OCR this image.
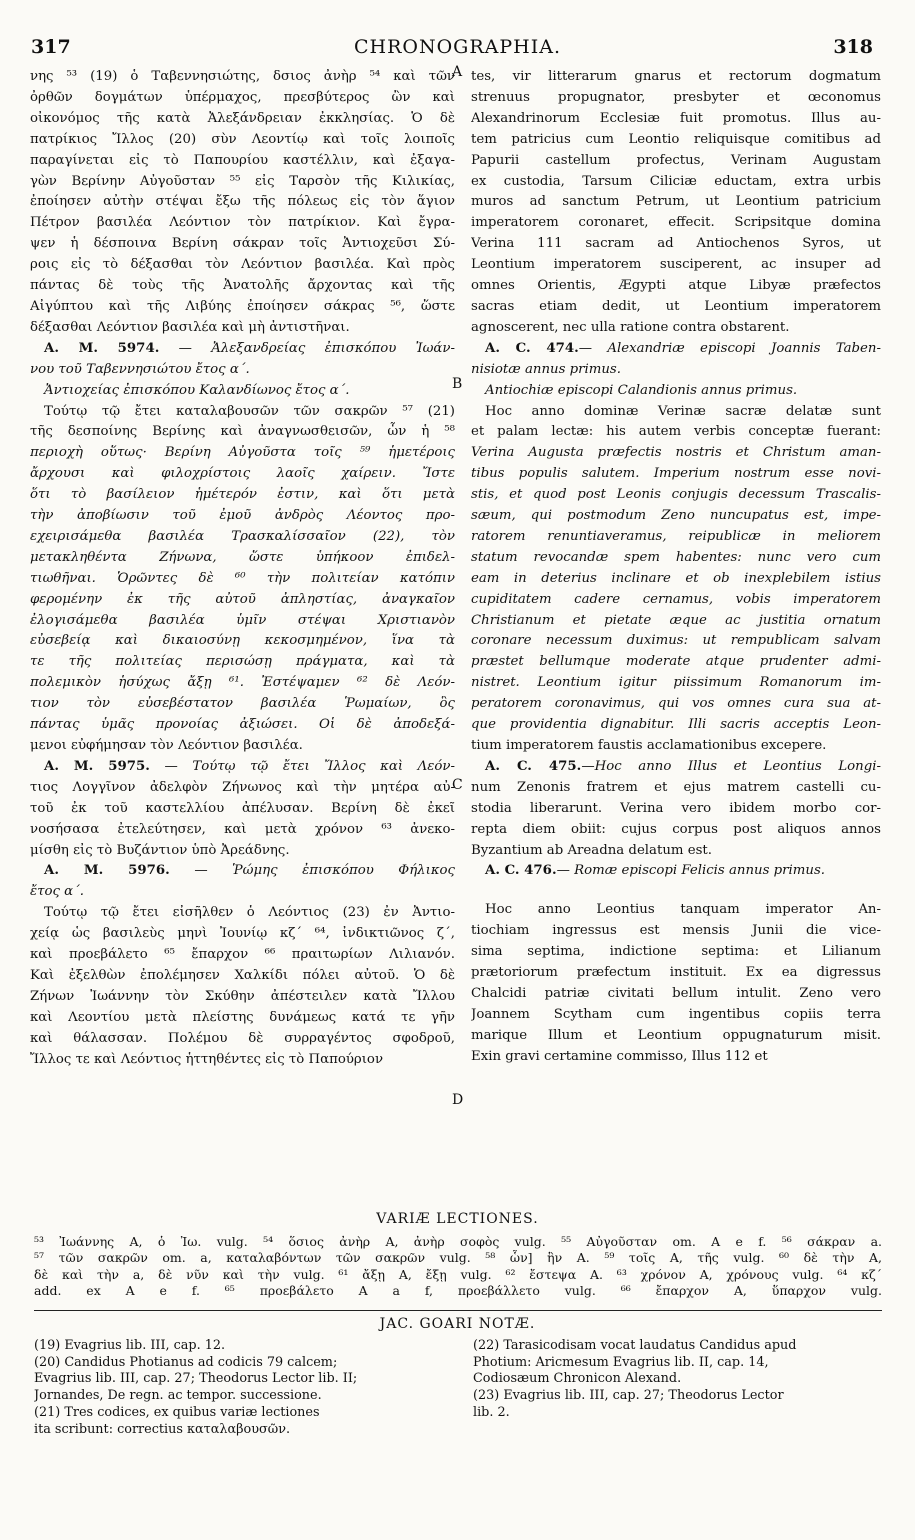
317	CHRONOGRAPHIA.	318

νης ⁵³ (19) ὁ Ταβεννησιώτης, δσιος ἀνὴρ ⁵⁴ καὶ τῶν

ὀρθῶν δογμάτων ὑπέρμαχος, πρεσβύτερος ὢν καὶ

οἰκονόμος τῆς κατὰ Ἀλεξάνδρειαν ἐκκλησίας. Ὁ δὲ

πατρίκιος Ἴλλος (20) σὺν Λεοντίῳ καὶ τοῖς λοιποῖς

παραγίνεται εἰς τὸ Παπουρίου καστέλλιν, καὶ ἐξαγα-

γὼν Βερίνην Αὐγοῦσταν ⁵⁵ εἰς Ταρσὸν τῆς Κιλικίας,

ἐποίησεν αὐτὴν στέψαι ἔξω τῆς πόλεως εἰς τὸν ἅγιον

Πέτρον βασιλέα Λεόντιον τὸν πατρίκιον. Καὶ ἔγρα-

ψεν ἡ δέσποινα Βερίνη σάκραν τοῖς Ἀντιοχεῦσι Σύ-

ροις εἰς τὸ δέξασθαι τὸν Λεόντιον βασιλέα. Καὶ πρὸς

πάντας δὲ τοὺς τῆς Ἀνατολῆς ἄρχοντας καὶ τῆς

Αἰγύπτου καὶ τῆς Λιβύης ἐποίησεν σάκρας ⁵⁶, ὥστε

δέξασθαι Λεόντιον βασιλέα καὶ μὴ ἀντιστῆναι.

A. M. 5974. — Ἀλεξανδρείας ἐπισκόπου Ἰωάν-

νου τοῦ Ταβεννησιώτου ἔτος α΄.

Ἀντιοχείας ἐπισκόπου Καλανδίωνος ἔτος α΄.

Τούτῳ τῷ ἔτει καταλαβουσῶν τῶν σακρῶν ⁵⁷ (21)

τῆς δεσποίνης Βερίνης καὶ ἀναγνωσθεισῶν, ὧν ἡ ⁵⁸

περιοχὴ οὕτως· Βερίνη Αὐγοῦστα τοῖς ⁵⁹ ἡμετέροις

ἄρχουσι καὶ φιλοχρίστοις λαοῖς χαίρειν. Ἴστε

ὅτι τὸ βασίλειον ἡμέτερόν ἐστιν, καὶ ὅτι μετὰ

τὴν ἀποβίωσιν τοῦ ἐμοῦ ἀνδρὸς Λέοντος προ-

εχειρισάμεθα βασιλέα Τρασκαλίσσαῖον (22), τὸν

μετακληθέντα Ζήνωνα, ὥστε ὑπήκοον ἐπιδελ-

τιωθῆναι. Ὁρῶντες δὲ ⁶⁰ τὴν πολιτείαν κατόπιν

φερομένην ἐκ τῆς αὐτοῦ ἀπληστίας, ἀναγκαῖον

ἐλογισάμεθα βασιλέα ὑμῖν στέψαι Χριστιανὸν

εὐσεβείᾳ καὶ δικαιοσύνῃ κεκοσμημένον, ἵνα τὰ

τε τῆς πολιτείας περισώσῃ πράγματα, καὶ τὰ

πολεμικὸν ἡσύχως ἄξῃ ⁶¹. Ἐστέψαμεν ⁶² δὲ Λεόν-

τιον τὸν εὐσεβέστατον βασιλέα Ῥωμαίων, ὃς

πάντας ὑμᾶς προνοίας ἀξιώσει. Οἱ δὲ ἀποδεξά-

μενοι εὐφήμησαν τὸν Λεόντιον βασιλέα.

A. M. 5975. — Τούτῳ τῷ ἔτει Ἴλλος καὶ Λεόν-

τιος Λογγῖνον ἀδελφὸν Ζήνωνος καὶ τὴν μητέρα αὐ-

τοῦ ἐκ τοῦ καστελλίου ἀπέλυσαν. Βερίνη δὲ ἐκεῖ

νοσήσασα ἐτελεύτησεν, καὶ μετὰ χρόνον ⁶³ ἀνεκο-

μίσθη εἰς τὸ Βυζάντιον ὑπὸ Ἀρεάδνης.

A. M. 5976. — Ῥώμης ἐπισκόπου Φήλικος

ἔτος α΄.

Τούτῳ τῷ ἔτει εἰσῆλθεν ὁ Λεόντιος (23) ἐν Ἀντιο-

χείᾳ ὡς βασιλεὺς μηνὶ Ἰουνίῳ κζ΄ ⁶⁴, ἰνδικτιῶνος ζ΄,

καὶ προεβάλετο ⁶⁵ ἔπαρχον ⁶⁶ πραιτωρίων Λιλιανόν.

Καὶ ἐξελθὼν ἐπολέμησεν Χαλκίδι πόλει αὐτοῦ. Ὁ δὲ

Ζήνων Ἰωάννην τὸν Σκύθην ἀπέστειλεν κατὰ Ἴλλου

καὶ Λεοντίου μετὰ πλείστης δυνάμεως κατά τε γῆν

καὶ θάλασσαν. Πολέμου δὲ συρραγέντος σφοδροῦ,

Ἴλλος τε καὶ Λεόντιος ἡττηθέντες εἰς τὸ Παπούριον

tes, vir litterarum gnarus et rectorum dogmatum

strenuus propugnator, presbyter et œconomus

Alexandrinorum Ecclesiæ fuit promotus. Illus au-

tem patricius cum Leontio reliquisque comitibus ad

Papurii castellum profectus, Verinam Augustam

ex custodia, Tarsum Ciliciæ eductam, extra urbis

muros ad sanctum Petrum, ut Leontium patricium

imperatorem coronaret, effecit. Scripsitque domina

Verina 111 sacram ad Antiochenos Syros, ut

Leontium imperatorem susciperent, ac insuper ad

omnes Orientis, Ægypti atque Libyæ præfectos

sacras etiam dedit, ut Leontium imperatorem

agnoscerent, nec ulla ratione contra obstarent.

A. C. 474.— Alexandriæ episcopi Joannis Taben-

nisiotæ annus primus.

Antiochiæ episcopi Calandionis annus primus.

Hoc anno dominæ Verinæ sacræ delatæ sunt

et palam lectæ: his autem verbis conceptæ fuerant:

Verina Augusta præfectis nostris et Christum aman-

tibus populis salutem. Imperium nostrum esse novi-

stis, et quod post Leonis conjugis decessum Trascalis-

sæum, qui postmodum Zeno nuncupatus est, impe-

ratorem renuntiaveramus, reipublicæ in meliorem

statum revocandæ spem habentes: nunc vero cum

eam in deterius inclinare et ob inexplebilem istius

cupiditatem cadere cernamus, vobis imperatorem

Christianum et pietate æque ac justitia ornatum

coronare necessum duximus: ut rempublicam salvam

præstet bellumque moderate atque prudenter admi-

nistret. Leontium igitur piissimum Romanorum im-

peratorem coronavimus, qui vos omnes cura sua at-

que providentia dignabitur. Illi sacris acceptis Leon-

tium imperatorem faustis acclamationibus excepere.

A. C. 475.—Hoc anno Illus et Leontius Longi-

num Zenonis fratrem et ejus matrem castelli cu-

stodia liberarunt. Verina vero ibidem morbo cor-

repta diem obiit: cujus corpus post aliquos annos

Byzantium ab Areadna delatum est.

A. C. 476.— Romæ episcopi Felicis annus primus.

Hoc anno Leontius tanquam imperator An-

tiochiam ingressus est mensis Junii die vice-

sima septima, indictione septima: et Lilianum

prætoriorum præfectum instituit. Ex ea digressus

Chalcidi patriæ civitati bellum intulit. Zeno vero

Joannem Scytham cum ingentibus copiis terra

marique Illum et Leontium oppugnaturum misit.

Exin gravi certamine commisso, Illus 112 et

A
B
C
D
VARIÆ LECTIONES.

⁵³ Ἰωάννης A, ὁ Ἰω. vulg. ⁵⁴ ὅσιος ἀνὴρ A, ἀνὴρ σοφὸς vulg. ⁵⁵ Αὐγοῦσταν om. A e f. ⁵⁶ σάκραν a.

⁵⁷ τῶν σακρῶν om. a, καταλαβόντων τῶν σακρῶν vulg. ⁵⁸ ὧν] ἣν A. ⁵⁹ τοῖς A, τῆς vulg. ⁶⁰ δὲ τὴν A,

δὲ καὶ τὴν a, δὲ νῦν καὶ τὴν vulg. ⁶¹ ἄξῃ A, ἔξῃ vulg. ⁶² ἔστεψα A. ⁶³ χρόνον A, χρόνους vulg. ⁶⁴ κζ΄

add. ex A e f. ⁶⁵ προεβάλετο A a f, προεβάλλετο vulg. ⁶⁶ ἔπαρχον A, ὕπαρχον vulg.

JAC. GOARI NOTÆ.

(19) Evagrius lib. III, cap. 12.

(20) Candidus Photianus ad codicis 79 calcem;

Evagrius lib. III, cap. 27; Theodorus Lector lib. II;

Jornandes, De regn. ac tempor. successione.

(21) Tres codices, ex quibus variæ lectiones

ita scribunt: correctius καταλαβουσῶν.

(22) Tarasicodisam vocat laudatus Candidus apud

Photium: Aricmesum Evagrius lib. II, cap. 14,

Codiosæum Chronicon Alexand.

(23) Evagrius lib. III, cap. 27; Theodorus Lector

lib. 2.
